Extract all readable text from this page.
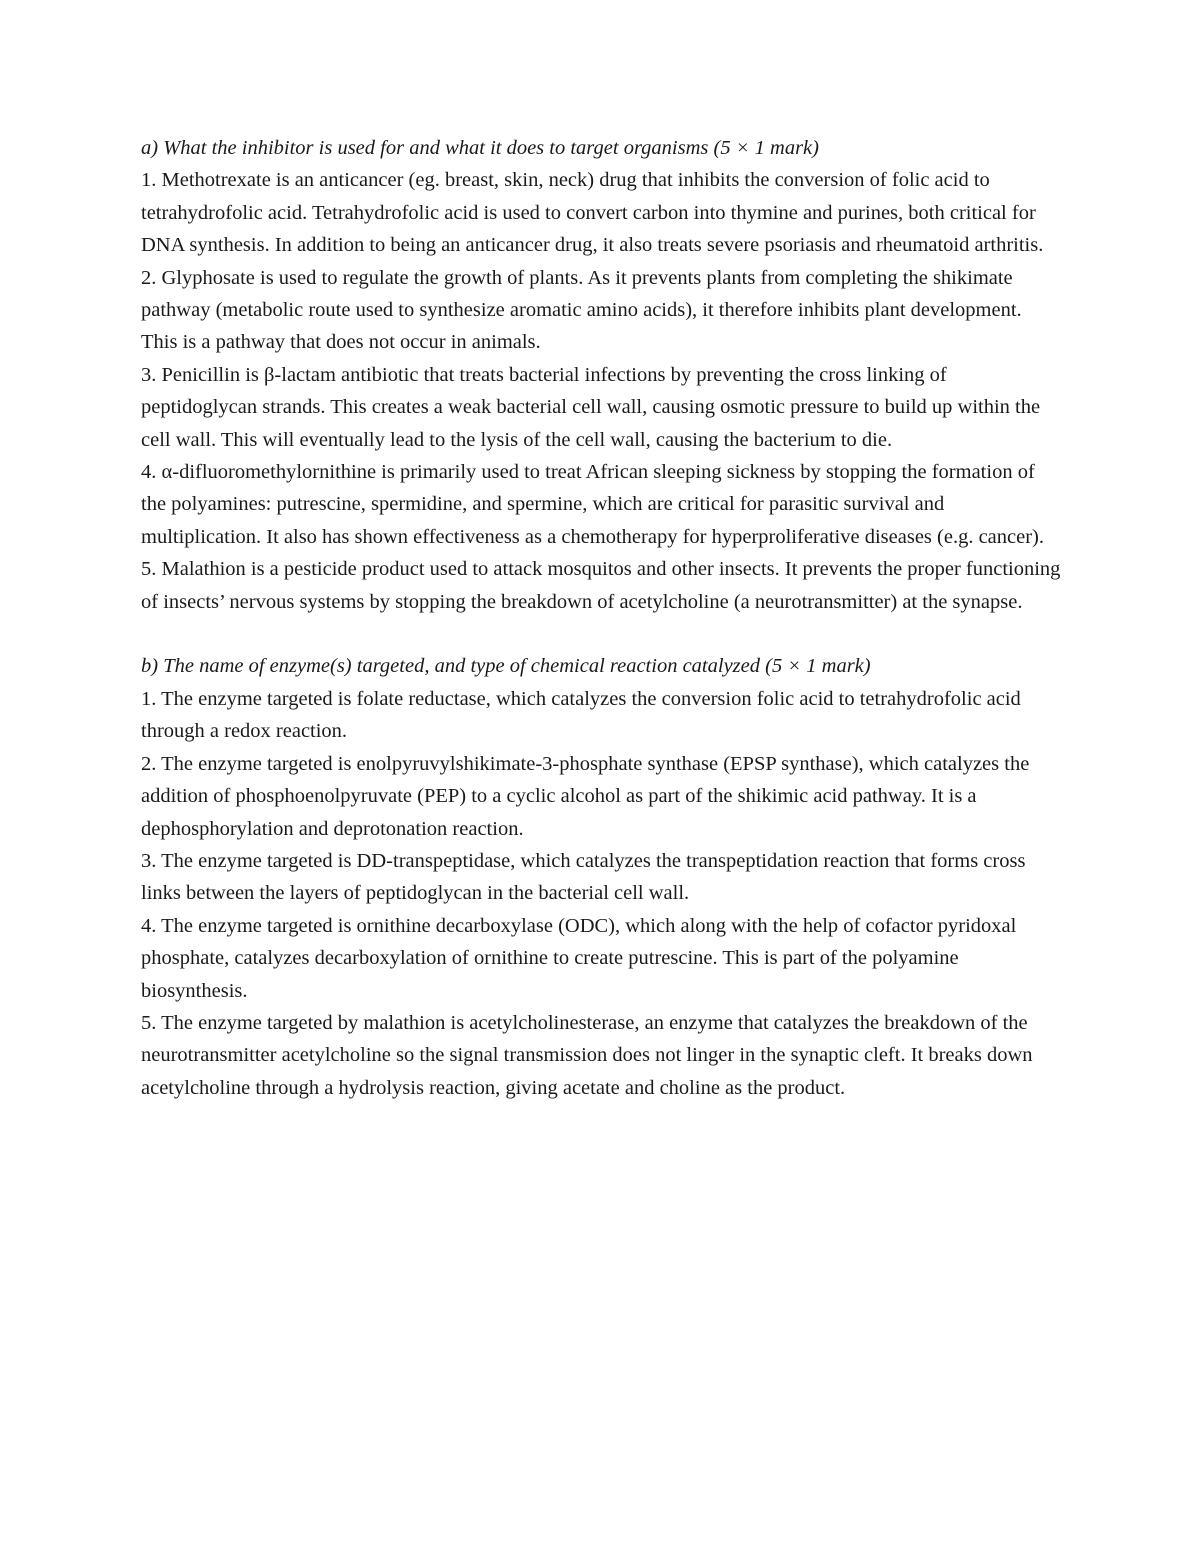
a) What the inhibitor is used for and what it does to target organisms (5 × 1 mark)

1. Methotrexate is an anticancer (eg. breast, skin, neck) drug that inhibits the conversion of folic acid to tetrahydrofolic acid. Tetrahydrofolic acid is used to convert carbon into thymine and purines, both critical for DNA synthesis. In addition to being an anticancer drug, it also treats severe psoriasis and rheumatoid arthritis.

2. Glyphosate is used to regulate the growth of plants. As it prevents plants from completing the shikimate pathway (metabolic route used to synthesize aromatic amino acids), it therefore inhibits plant development. This is a pathway that does not occur in animals.

3. Penicillin is β-lactam antibiotic that treats bacterial infections by preventing the cross linking of peptidoglycan strands. This creates a weak bacterial cell wall, causing osmotic pressure to build up within the cell wall. This will eventually lead to the lysis of the cell wall, causing the bacterium to die.

4. α-difluoromethylornithine is primarily used to treat African sleeping sickness by stopping the formation of the polyamines: putrescine, spermidine, and spermine, which are critical for parasitic survival and multiplication. It also has shown effectiveness as a chemotherapy for hyperproliferative diseases (e.g. cancer).

5. Malathion is a pesticide product used to attack mosquitos and other insects. It prevents the proper functioning of insects’ nervous systems by stopping the breakdown of acetylcholine (a neurotransmitter) at the synapse.

b) The name of enzyme(s) targeted, and type of chemical reaction catalyzed (5 × 1 mark)

1. The enzyme targeted is folate reductase, which catalyzes the conversion folic acid to tetrahydrofolic acid through a redox reaction.

2. The enzyme targeted is enolpyruvylshikimate-3-phosphate synthase (EPSP synthase), which catalyzes the addition of phosphoenolpyruvate (PEP) to a cyclic alcohol as part of the shikimic acid pathway. It is a dephosphorylation and deprotonation reaction.

3. The enzyme targeted is DD-transpeptidase, which catalyzes the transpeptidation reaction that forms cross links between the layers of peptidoglycan in the bacterial cell wall.

4. The enzyme targeted is ornithine decarboxylase (ODC), which along with the help of cofactor pyridoxal phosphate, catalyzes decarboxylation of ornithine to create putrescine. This is part of the polyamine biosynthesis.

5. The enzyme targeted by malathion is acetylcholinesterase, an enzyme that catalyzes the breakdown of the neurotransmitter acetylcholine so the signal transmission does not linger in the synaptic cleft. It breaks down acetylcholine through a hydrolysis reaction, giving acetate and choline as the product.
